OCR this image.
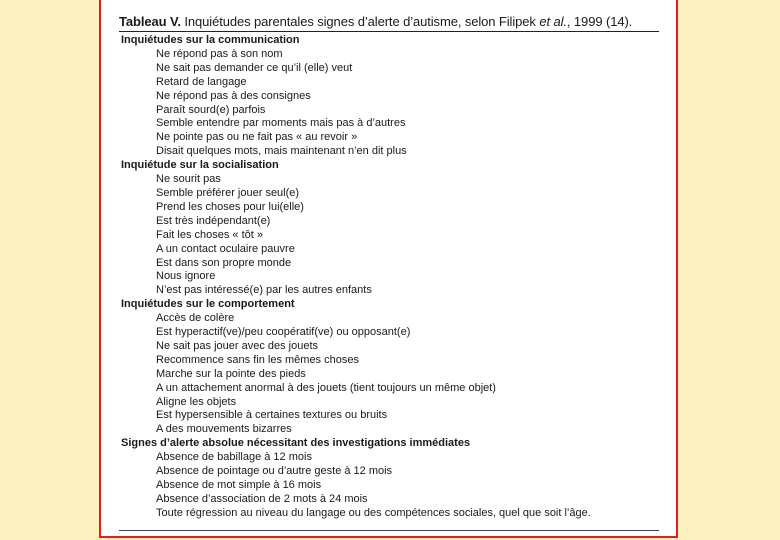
Tableau V. Inquiétudes parentales signes d’alerte d’autisme, selon Filipek et al., 1999 (14).
Inquiétudes sur la communication
Ne répond pas à son nom
Ne sait pas demander ce qu’il (elle) veut
Retard de langage
Ne répond pas à des consignes
Paraît sourd(e) parfois
Semble entendre par moments mais pas à d’autres
Ne pointe pas ou ne fait pas « au revoir »
Disait quelques mots, mais maintenant n’en dit plus
Inquiétude sur la socialisation
Ne sourit pas
Semble préférer jouer seul(e)
Prend les choses pour lui(elle)
Est très indépendant(e)
Fait les choses « tôt »
A un contact oculaire pauvre
Est dans son propre monde
Nous ignore
N’est pas intéressé(e) par les autres enfants
Inquiétudes sur le comportement
Accès de colère
Est hyperactif(ve)/peu coopératif(ve) ou opposant(e)
Ne sait pas jouer avec des jouets
Recommence sans fin les mêmes choses
Marche sur la pointe des pieds
A un attachement anormal à des jouets (tient toujours un même objet)
Aligne les objets
Est hypersensible à certaines textures ou bruits
A des mouvements bizarres
Signes d’alerte absolue nécessitant des investigations immédiates
Absence de babillage à 12 mois
Absence de pointage ou d’autre geste à 12 mois
Absence de mot simple à 16 mois
Absence d’association de 2 mots à 24 mois
Toute régression au niveau du langage ou des compétences sociales, quel que soit l’âge.
